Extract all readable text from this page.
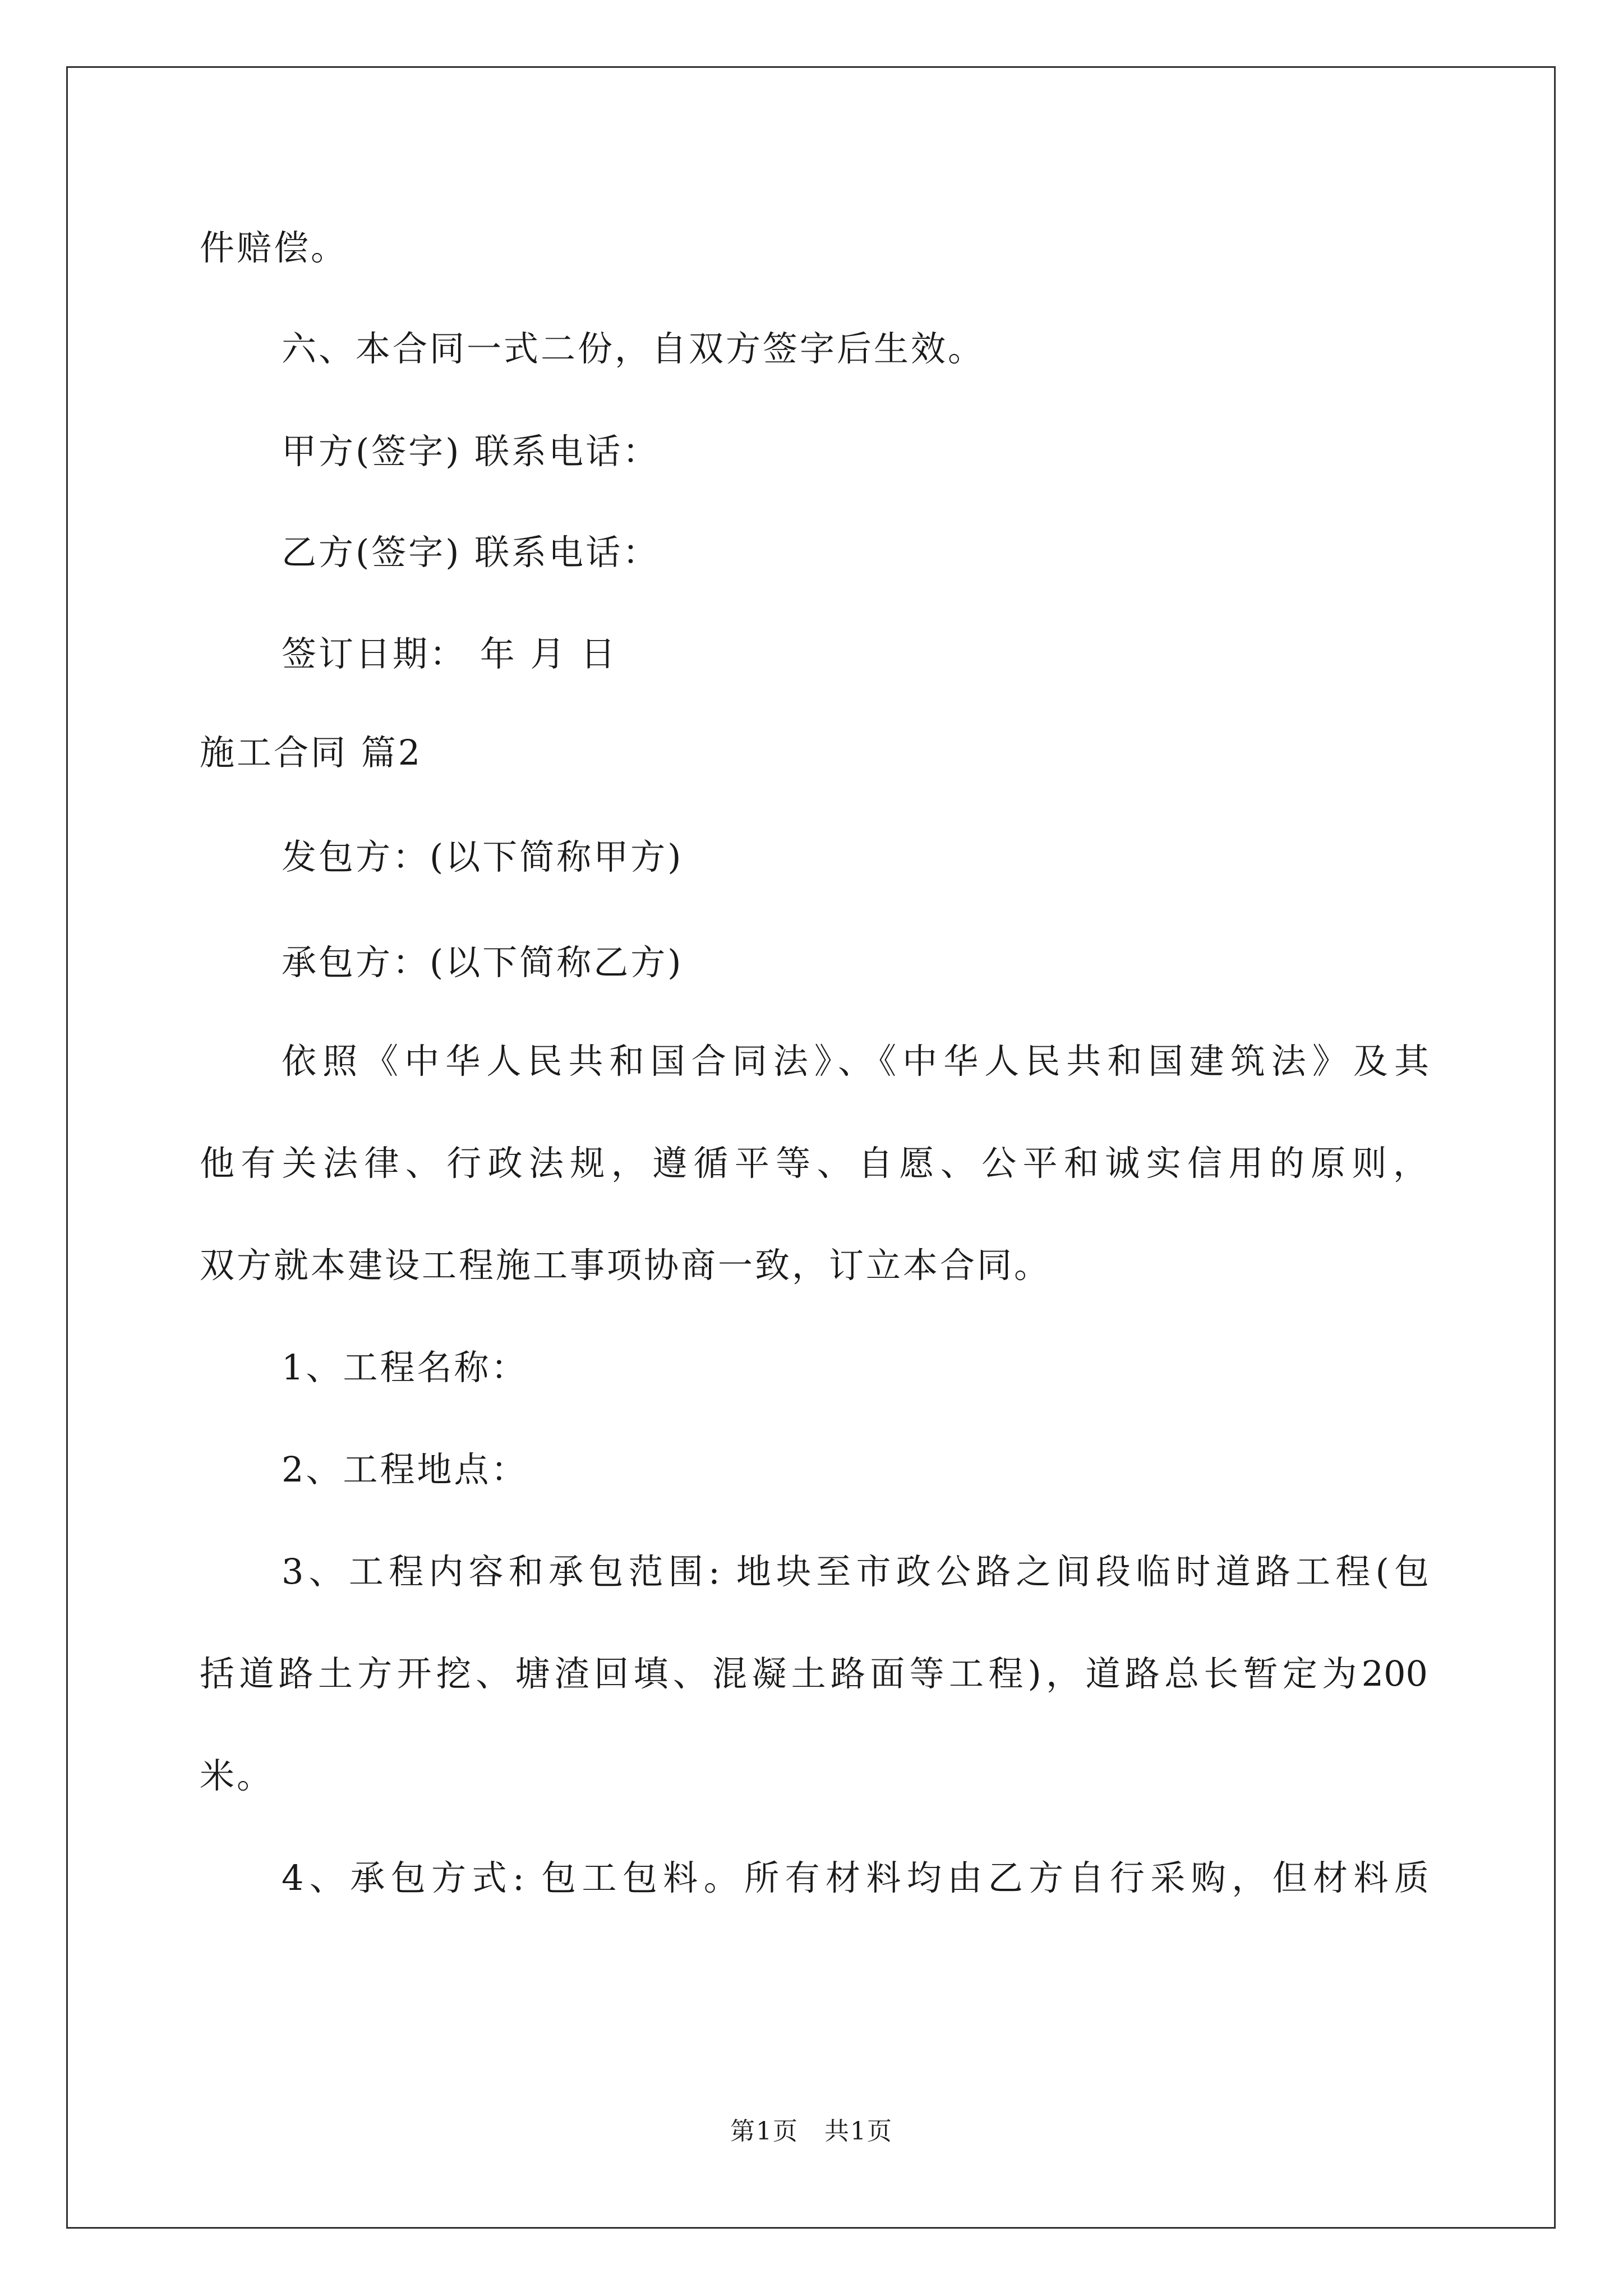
件赔偿。
六、本合同一式二份，自双方签字后生效。
甲方(签字) 联系电话：
乙方(签字) 联系电话：
签订日期： 年 月 日
施工合同 篇2
发包方：(以下简称甲方)
承包方：(以下简称乙方)
依照《中华人民共和国合同法》、《中华人民共和国建筑法》及其
他有关法律、行政法规，遵循平等、自愿、公平和诚实信用的原则，
双方就本建设工程施工事项协商一致，订立本合同。
1、工程名称：
2、工程地点：
3、工程内容和承包范围: 地块至市政公路之间段临时道路工程(包
括道路土方开挖、塘渣回填、混凝土路面等工程)，道路总长暂定为200
米。
4、承包方式: 包工包料。所有材料均由乙方自行采购，但材料质
第1页　共1页
